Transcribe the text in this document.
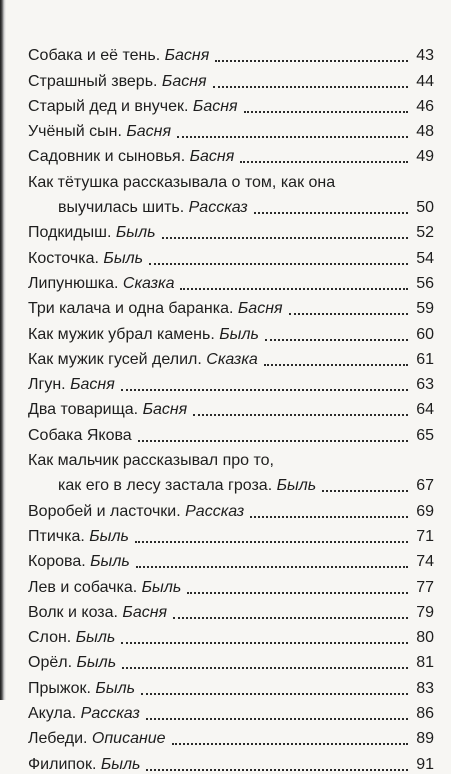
Собака и её тень. Басня	43
Страшный зверь. Басня	44
Старый дед и внучек. Басня	46
Учёный сын. Басня	48
Садовник и сыновья. Басня	49
Как тётушка рассказывала о том, как она
выучилась шить. Рассказ	50
Подкидыш. Быль	52
Косточка. Быль	54
Липунюшка. Сказка	56
Три калача и одна баранка. Басня	59
Как мужик убрал камень. Быль	60
Как мужик гусей делил. Сказка	61
Лгун. Басня	63
Два товарища. Басня	64
Собака Якова	65
Как мальчик рассказывал про то,
как его в лесу застала гроза. Быль	67
Воробей и ласточки. Рассказ	69
Птичка. Быль	71
Корова. Быль	74
Лев и собачка. Быль	77
Волк и коза. Басня	79
Слон. Быль	80
Орёл. Быль	81
Прыжок. Быль	83
Акула. Рассказ	86
Лебеди. Описание	89
Филипок. Быль	91
